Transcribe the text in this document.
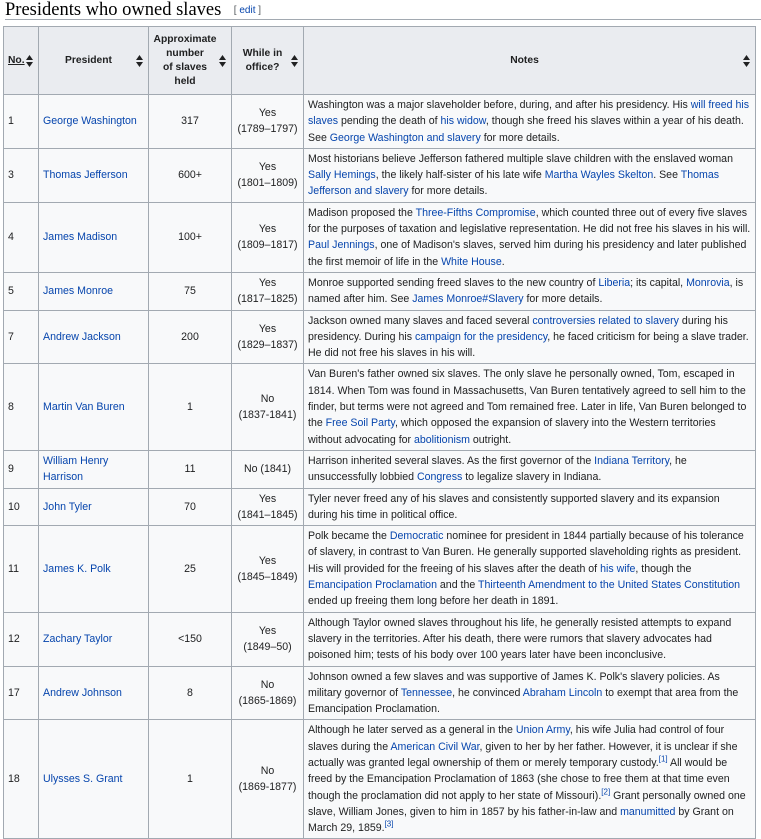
Presidents who owned slaves [ edit ]
No.	President	Approximate
number
of slaves
held	While in
office?	Notes

1	George Washington	317	Yes
(1789–1797)	Washington was a major slaveholder before, during, and after his presidency. His will freed his slaves pending the death of his widow, though she freed his slaves within a year of his death. See George Washington and slavery for more details.
3	Thomas Jefferson	600+	Yes
(1801–1809)	Most historians believe Jefferson fathered multiple slave children with the enslaved woman Sally Hemings, the likely half-sister of his late wife Martha Wayles Skelton. See Thomas Jefferson and slavery for more details.
4	James Madison	100+	Yes
(1809–1817)	Madison proposed the Three-Fifths Compromise, which counted three out of every five slaves for the purposes of taxation and legislative representation. He did not free his slaves in his will. Paul Jennings, one of Madison's slaves, served him during his presidency and later published the first memoir of life in the White House.
5	James Monroe	75	Yes
(1817–1825)	Monroe supported sending freed slaves to the new country of Liberia; its capital, Monrovia, is named after him. See James Monroe#Slavery for more details.
7	Andrew Jackson	200	Yes
(1829–1837)	Jackson owned many slaves and faced several controversies related to slavery during his presidency. During his campaign for the presidency, he faced criticism for being a slave trader. He did not free his slaves in his will.
8	Martin Van Buren	1	No
(1837-1841)	Van Buren's father owned six slaves. The only slave he personally owned, Tom, escaped in 1814. When Tom was found in Massachusetts, Van Buren tentatively agreed to sell him to the finder, but terms were not agreed and Tom remained free. Later in life, Van Buren belonged to the Free Soil Party, which opposed the expansion of slavery into the Western territories without advocating for abolitionism outright.
9	William Henry Harrison	11	No (1841)	Harrison inherited several slaves. As the first governor of the Indiana Territory, he unsuccessfully lobbied Congress to legalize slavery in Indiana.
10	John Tyler	70	Yes
(1841–1845)	Tyler never freed any of his slaves and consistently supported slavery and its expansion during his time in political office.
11	James K. Polk	25	Yes
(1845–1849)	Polk became the Democratic nominee for president in 1844 partially because of his tolerance of slavery, in contrast to Van Buren. He generally supported slaveholding rights as president. His will provided for the freeing of his slaves after the death of his wife, though the Emancipation Proclamation and the Thirteenth Amendment to the United States Constitution ended up freeing them long before her death in 1891.
12	Zachary Taylor	<150	Yes
(1849–50)	Although Taylor owned slaves throughout his life, he generally resisted attempts to expand slavery in the territories. After his death, there were rumors that slavery advocates had poisoned him; tests of his body over 100 years later have been inconclusive.
17	Andrew Johnson	8	No
(1865-1869)	Johnson owned a few slaves and was supportive of James K. Polk's slavery policies. As military governor of Tennessee, he convinced Abraham Lincoln to exempt that area from the Emancipation Proclamation.
18	Ulysses S. Grant	1	No
(1869-1877)	Although he later served as a general in the Union Army, his wife Julia had control of four slaves during the American Civil War, given to her by her father. However, it is unclear if she actually was granted legal ownership of them or merely temporary custody.[1] All would be freed by the Emancipation Proclamation of 1863 (she chose to free them at that time even though the proclamation did not apply to her state of Missouri).[2] Grant personally owned one slave, William Jones, given to him in 1857 by his father-in-law and manumitted by Grant on March 29, 1859.[3]
